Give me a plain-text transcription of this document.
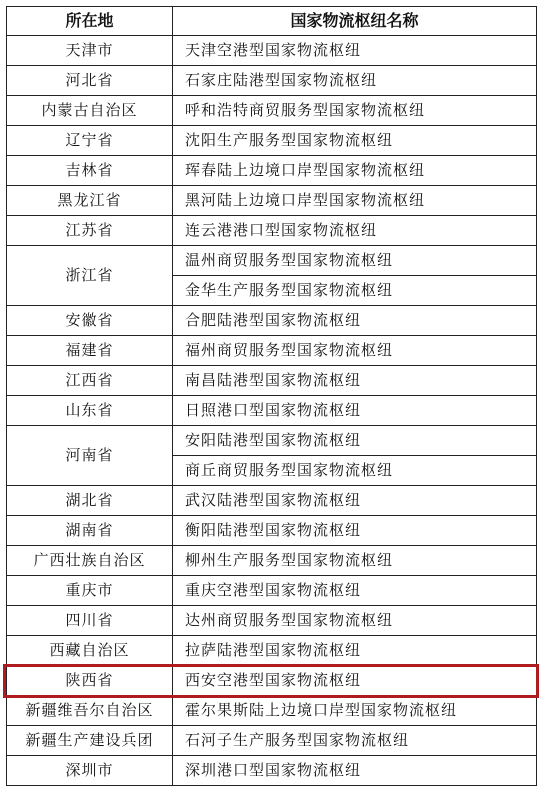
所在地	国家物流枢纽名称
天津市	天津空港型国家物流枢纽
河北省	石家庄陆港型国家物流枢纽
内蒙古自治区	呼和浩特商贸服务型国家物流枢纽
辽宁省	沈阳生产服务型国家物流枢纽
吉林省	珲春陆上边境口岸型国家物流枢纽
黑龙江省	黑河陆上边境口岸型国家物流枢纽
江苏省	连云港港口型国家物流枢纽
浙江省	温州商贸服务型国家物流枢纽
	金华生产服务型国家物流枢纽
安徽省	合肥陆港型国家物流枢纽
福建省	福州商贸服务型国家物流枢纽
江西省	南昌陆港型国家物流枢纽
山东省	日照港口型国家物流枢纽
河南省	安阳陆港型国家物流枢纽
	商丘商贸服务型国家物流枢纽
湖北省	武汉陆港型国家物流枢纽
湖南省	衡阳陆港型国家物流枢纽
广西壮族自治区	柳州生产服务型国家物流枢纽
重庆市	重庆空港型国家物流枢纽
四川省	达州商贸服务型国家物流枢纽
西藏自治区	拉萨陆港型国家物流枢纽
陕西省	西安空港型国家物流枢纽
新疆维吾尔自治区	霍尔果斯陆上边境口岸型国家物流枢纽
新疆生产建设兵团	石河子生产服务型国家物流枢纽
深圳市	深圳港口型国家物流枢纽
